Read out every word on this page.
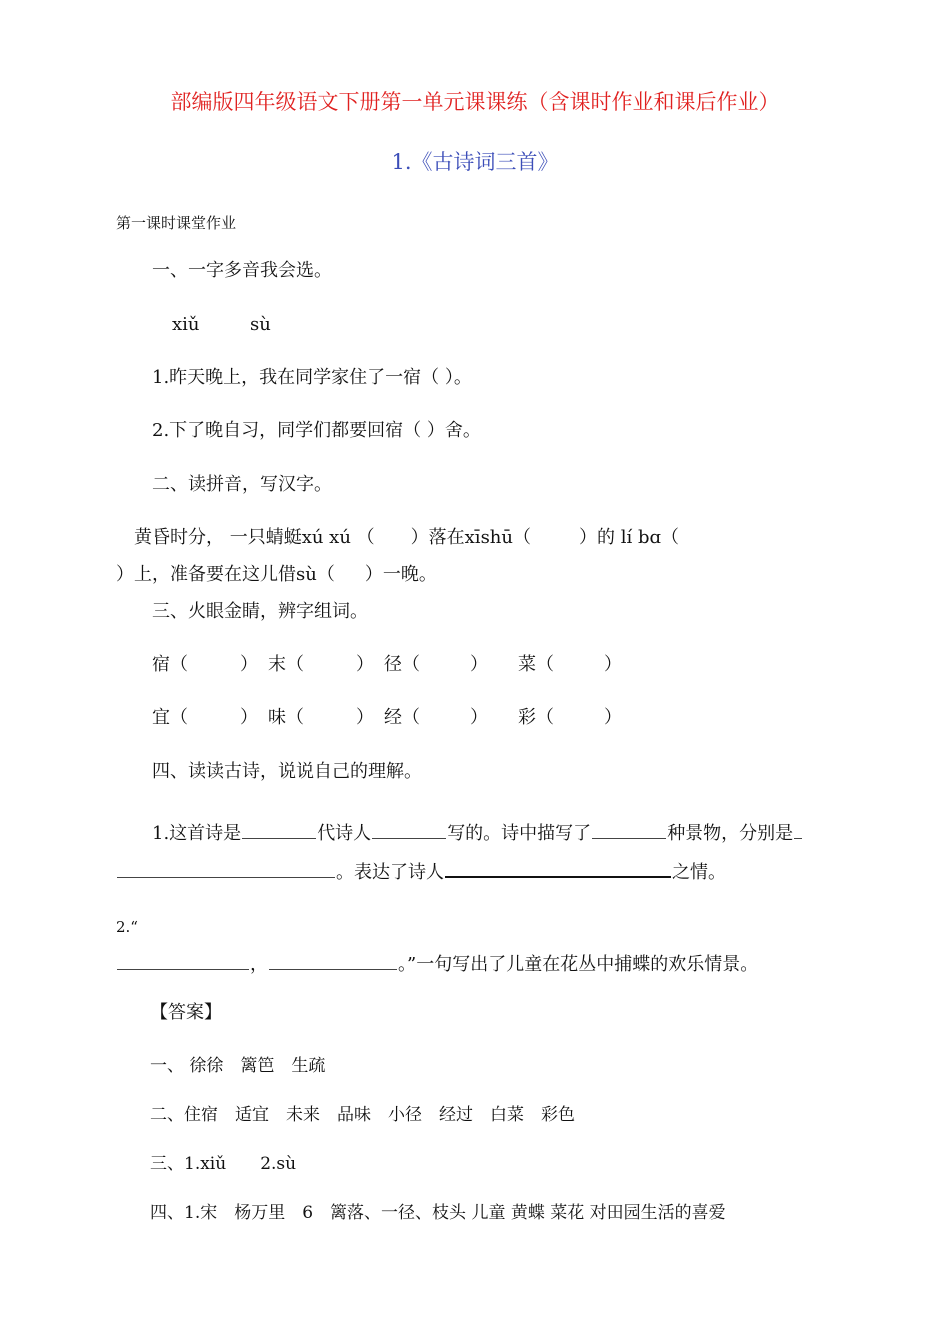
部编版四年级语文下册第一单元课课练（含课时作业和课后作业）
1.《古诗词三首》
第一课时课堂作业
一、一字多音我会选。
xiǔ	sù
1.昨天晚上，我在同学家住了一宿（ ）。
2.下了晚自习，同学们都要回宿（ ）舍。
二、读拼音，写汉字。
黄昏时分， 一只蜻蜓xú xú （ ）落在xīshū（	）的 lí bɑ（
）上，准备要在这儿借sù（ ）一晚。
三、火眼金睛，辨字组词。
宿（	） 末（	） 径（	） 菜（	）
宜（	） 味（	） 经（	） 彩（	）
四、读读古诗，说说自己的理解。
1.这首诗是	代诗人	写的。诗中描写了	种景物，分别是
。表达了诗人	之情。
2.“
，	。”一句写出了儿童在花丛中捕蝶的欢乐情景。
【答案】
一、 徐徐　篱笆　生疏
二、住宿　适宜　未来　品味　小径　经过　白菜　彩色
三、1.xiǔ　　2.sù
四、1.宋　杨万里　6　篱落、一径、枝头 儿童 黄蝶 菜花 对田园生活的喜爱
